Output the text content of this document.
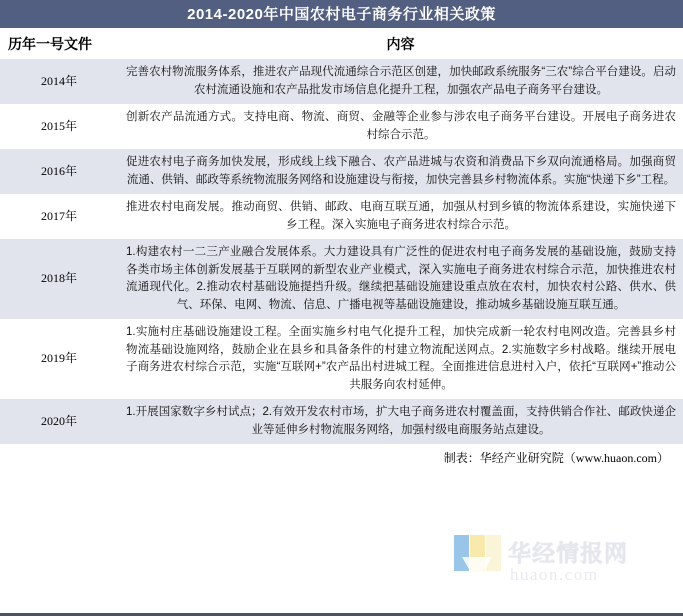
2014-2020年中国农村电子商务行业相关政策
历年一号文件	内容
2014年	完善农村物流服务体系，推进农产品现代流通综合示范区创建，加快邮政系统服务“三农”综合平台建设。启动农村流通设施和农产品批发市场信息化提升工程，加强农产品电子商务平台建设。
2015年	创新农产品流通方式。支持电商、物流、商贸、金融等企业参与涉农电子商务平台建设。开展电子商务进农村综合示范。
2016年	促进农村电子商务加快发展，形成线上线下融合、农产品进城与农资和消费品下乡双向流通格局。加强商贸流通、供销、邮政等系统物流服务网络和设施建设与衔接，加快完善县乡村物流体系。实施“快递下乡”工程。
2017年	推进农村电商发展。推动商贸、供销、邮政、电商互联互通，加强从村到乡镇的物流体系建设，实施快递下乡工程。深入实施电子商务进农村综合示范。
2018年	1.构建农村一二三产业融合发展体系。大力建设具有广泛性的促进农村电子商务发展的基础设施，鼓励支持各类市场主体创新发展基于互联网的新型农业产业模式，深入实施电子商务进农村综合示范，加快推进农村流通现代化。2.推动农村基础设施提挡升级。继续把基础设施建设重点放在农村，加快农村公路、供水、供气、环保、电网、物流、信息、广播电视等基础设施建设，推动城乡基础设施互联互通。
2019年	1.实施村庄基础设施建设工程。全面实施乡村电气化提升工程，加快完成新一轮农村电网改造。完善县乡村物流基础设施网络，鼓励企业在县乡和具备条件的村建立物流配送网点。2.实施数字乡村战略。继续开展电子商务进农村综合示范，实施“互联网+”农产品出村进城工程。全面推进信息进村入户，依托“互联网+”推动公共服务向农村延伸。
2020年	1.开展国家数字乡村试点；2.有效开发农村市场，扩大电子商务进农村覆盖面，支持供销合作社、邮政快递企业等延伸乡村物流服务网络，加强村级电商服务站点建设。
制表：华经产业研究院（www.huaon.com）
华经情报网
huaon.com
